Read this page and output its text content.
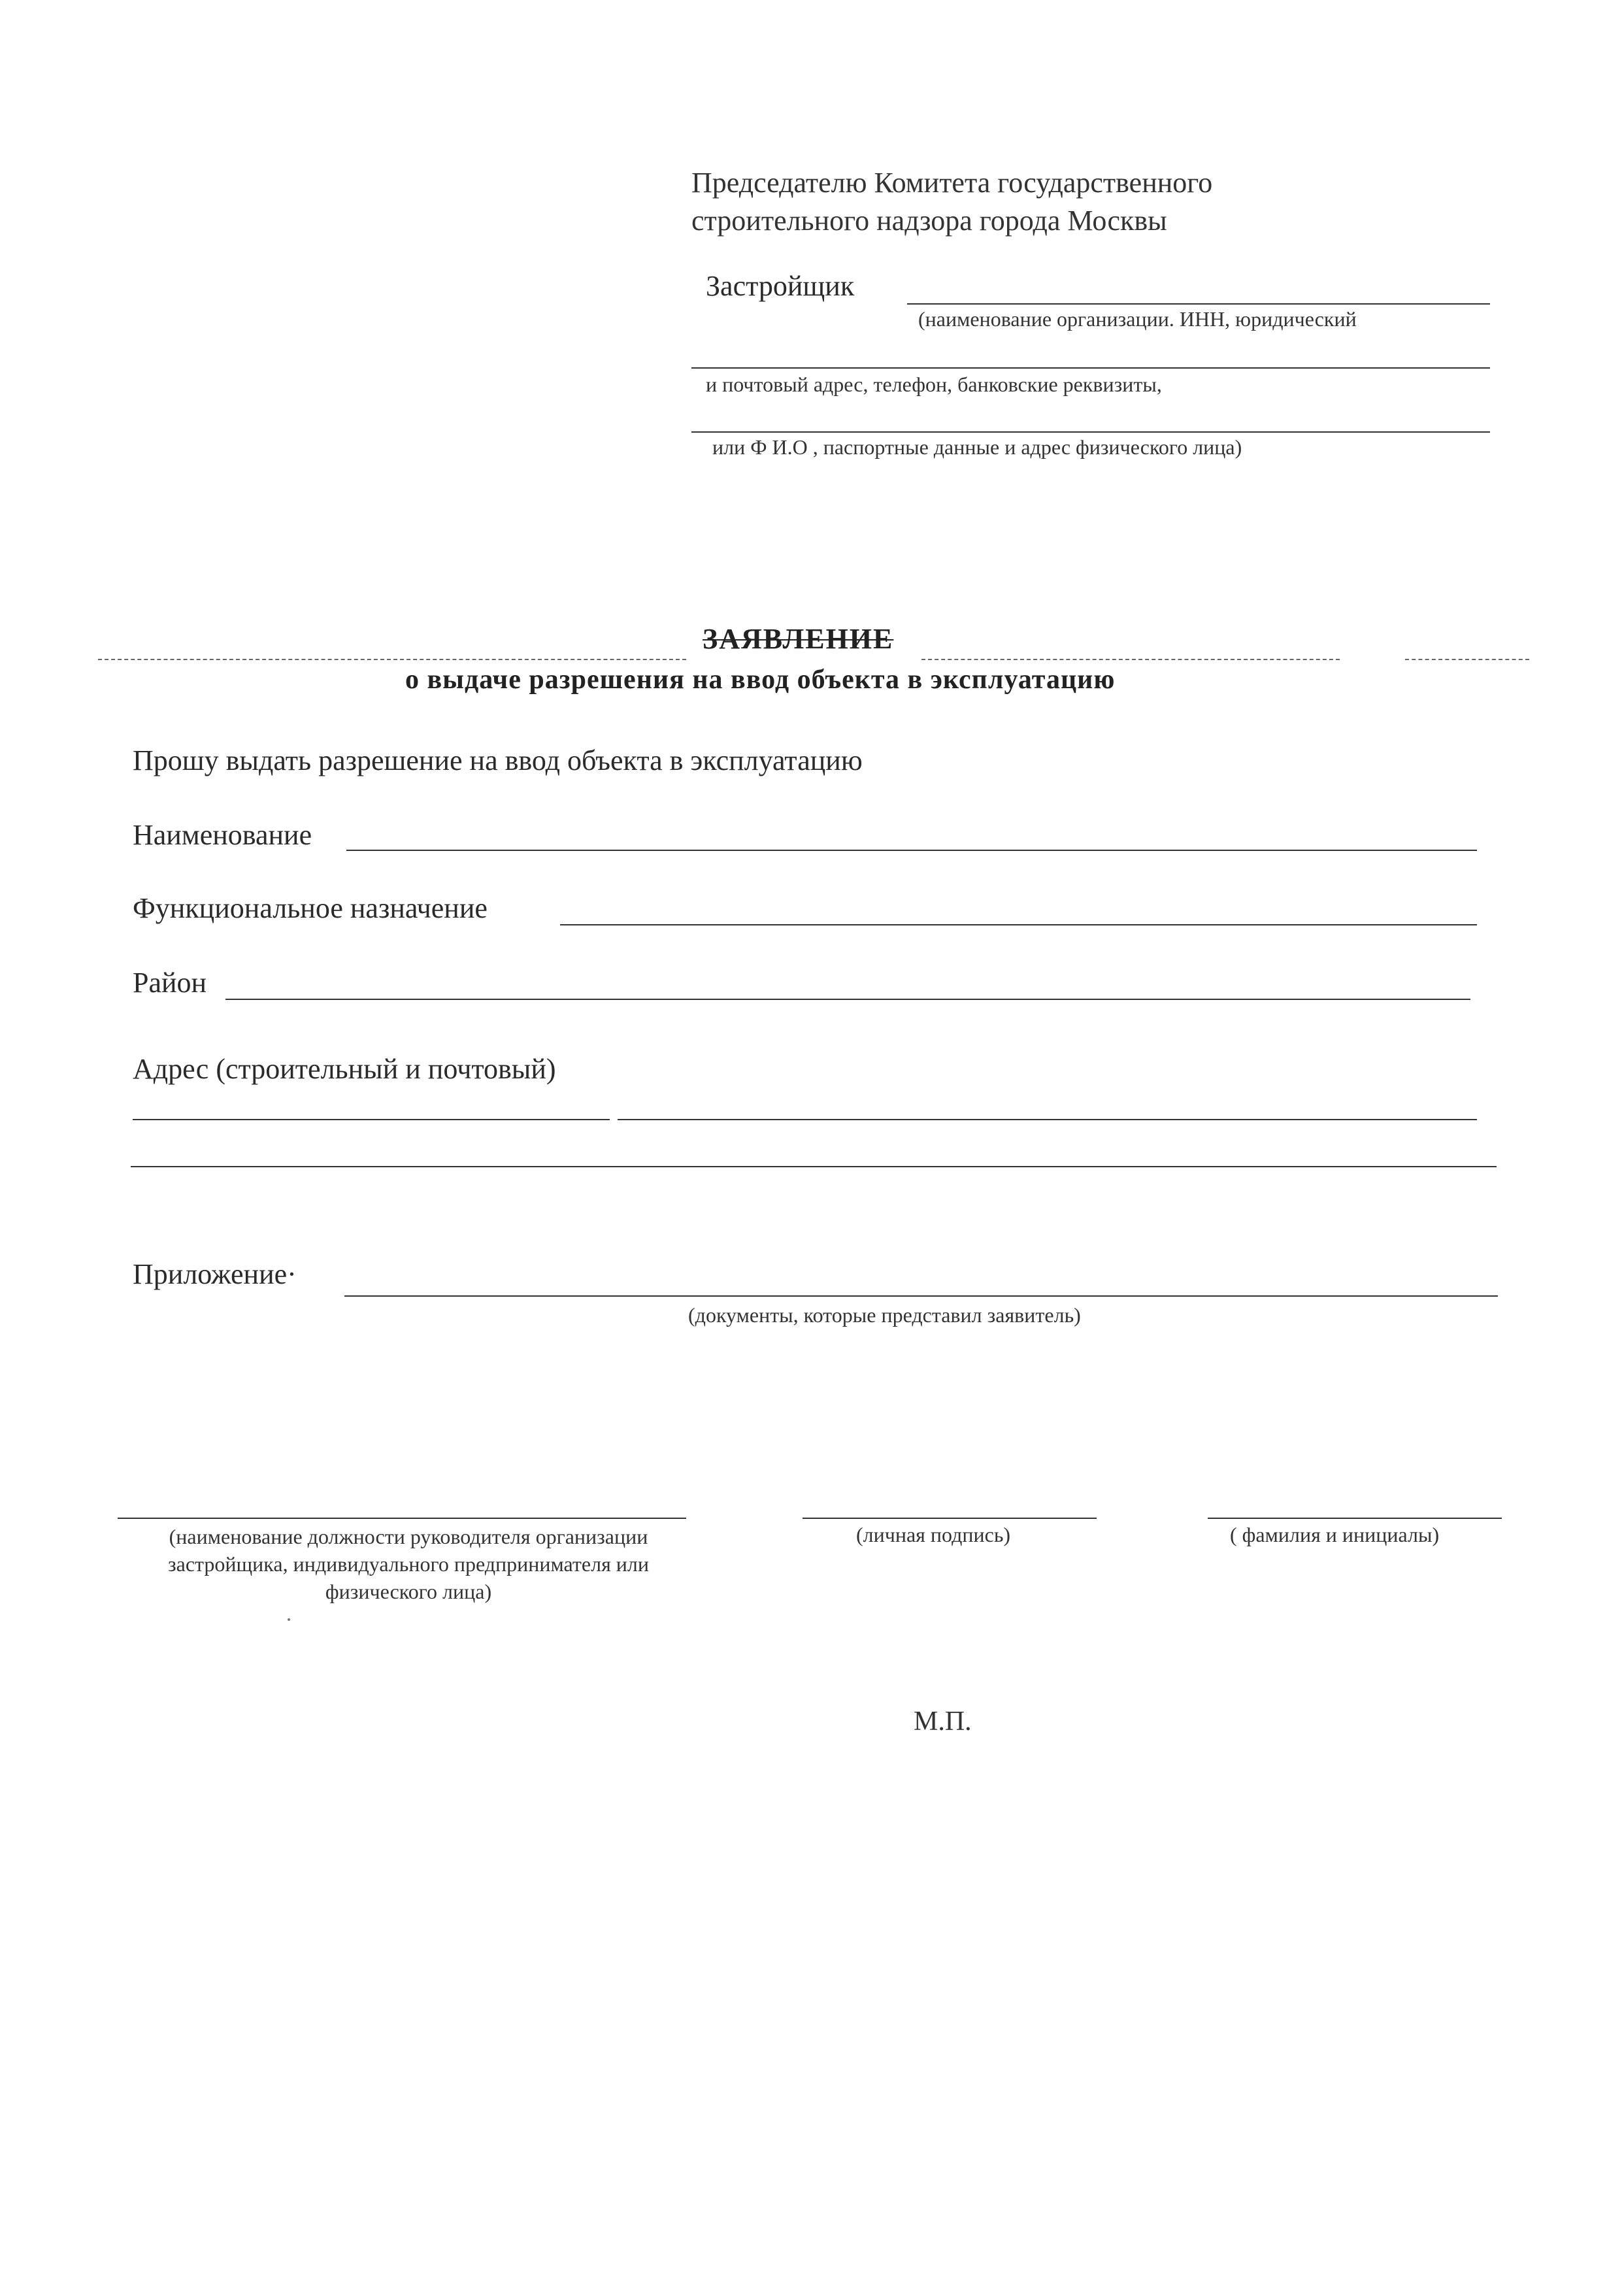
Председателю Комитета государственного
строительного надзора города Москвы
Застройщик
(наименование организации. ИНН, юридический
и почтовый адрес, телефон, банковские реквизиты,
или Ф И.О , паспортные данные и адрес физического лица)
ЗАЯВЛЕНИЕ
о выдаче разрешения на ввод объекта в эксплуатацию
Прошу выдать разрешение на ввод объекта в эксплуатацию
Наименование
Функциональное назначение
Район
Адрес (строительный и почтовый)
Приложение·
(документы, которые представил заявитель)
(наименование должности руководителя организации застройщика, индивидуального предпринимателя или физического лица)
(личная подпись)	( фамилия и инициалы)
М.П.
